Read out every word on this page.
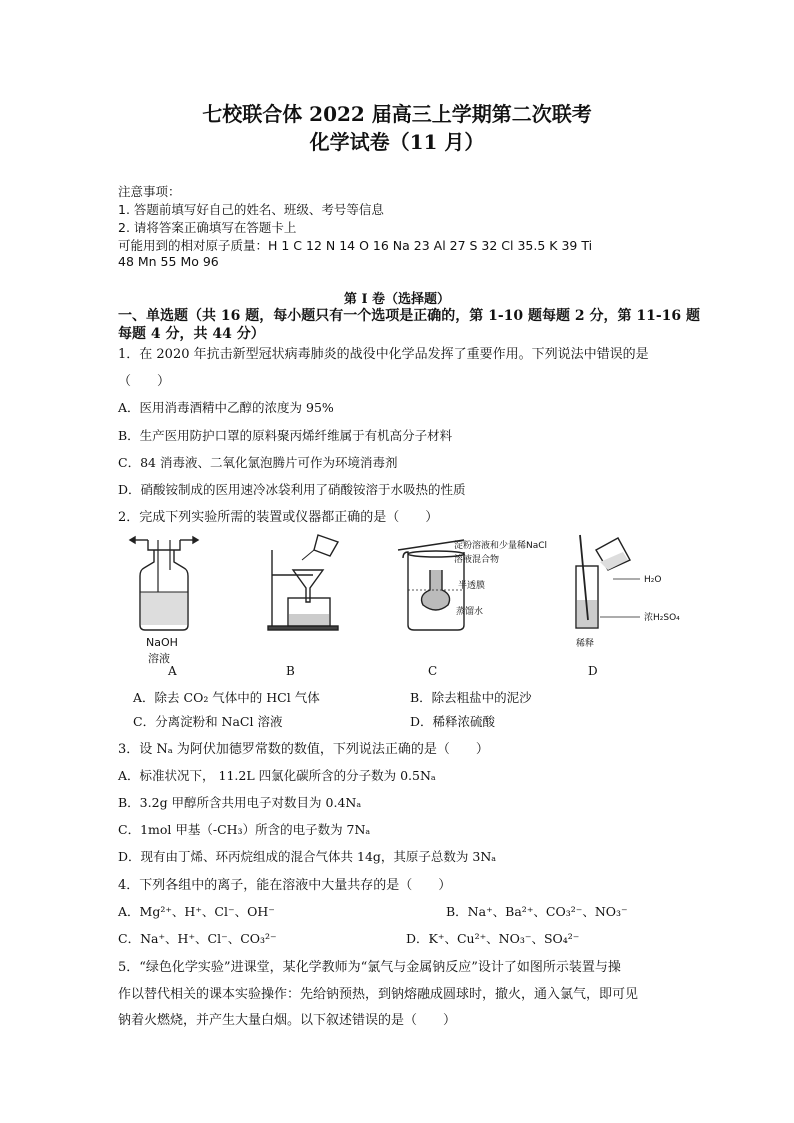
七校联合体 2022 届高三上学期第二次联考
化学试卷（11 月）
注意事项：
1. 答题前填写好自己的姓名、班级、考号等信息
2. 请将答案正确填写在答题卡上
可能用到的相对原子质量：H 1 C 12 N 14 O 16 Na 23 Al 27 S 32 Cl 35.5 K 39 Ti
48 Mn 55 Mo 96
第 I 卷（选择题）
一、单选题（共 16 题，每小题只有一个选项是正确的，第 1-10 题每题 2 分，第 11-16 题
每题 4 分，共 44 分）
1．在 2020 年抗击新型冠状病毒肺炎的战役中化学品发挥了重要作用。下列说法中错误的是
（　　）
A．医用消毒酒精中乙醇的浓度为 95%
B．生产医用防护口罩的原料聚丙烯纤维属于有机高分子材料
C．84 消毒液、二氧化氯泡腾片可作为环境消毒剂
D．硝酸铵制成的医用速冷冰袋利用了硝酸铵溶于水吸热的性质
2．完成下列实验所需的装置或仪器都正确的是（　　）
NaOH
溶液
淀粉溶液和少量稀NaCl
溶液混合物
半透膜
蒸馏水
H₂O
浓H₂SO₄
稀释
A	B	C	D
A．除去 CO₂ 气体中的 HCl 气体	B．除去粗盐中的泥沙
C．分离淀粉和 NaCl 溶液	D．稀释浓硫酸
3．设 Nₐ 为阿伏加德罗常数的数值，下列说法正确的是（　　）
A．标准状况下， 11.2L 四氯化碳所含的分子数为 0.5Nₐ
B．3.2g 甲醇所含共用电子对数目为 0.4Nₐ
C．1mol 甲基（-CH₃）所含的电子数为 7Nₐ
D．现有由丁烯、环丙烷组成的混合气体共 14g，其原子总数为 3Nₐ
4．下列各组中的离子，能在溶液中大量共存的是（　　）
A．Mg²⁺、H⁺、Cl⁻、OH⁻	B．Na⁺、Ba²⁺、CO₃²⁻、NO₃⁻
C．Na⁺、H⁺、Cl⁻、CO₃²⁻	D．K⁺、Cu²⁺、NO₃⁻、SO₄²⁻
5．“绿色化学实验”进课堂，某化学教师为“氯气与金属钠反应”设计了如图所示装置与操
作以替代相关的课本实验操作：先给钠预热，到钠熔融成圆球时，撤火，通入氯气，即可见
钠着火燃烧，并产生大量白烟。以下叙述错误的是（　　）
